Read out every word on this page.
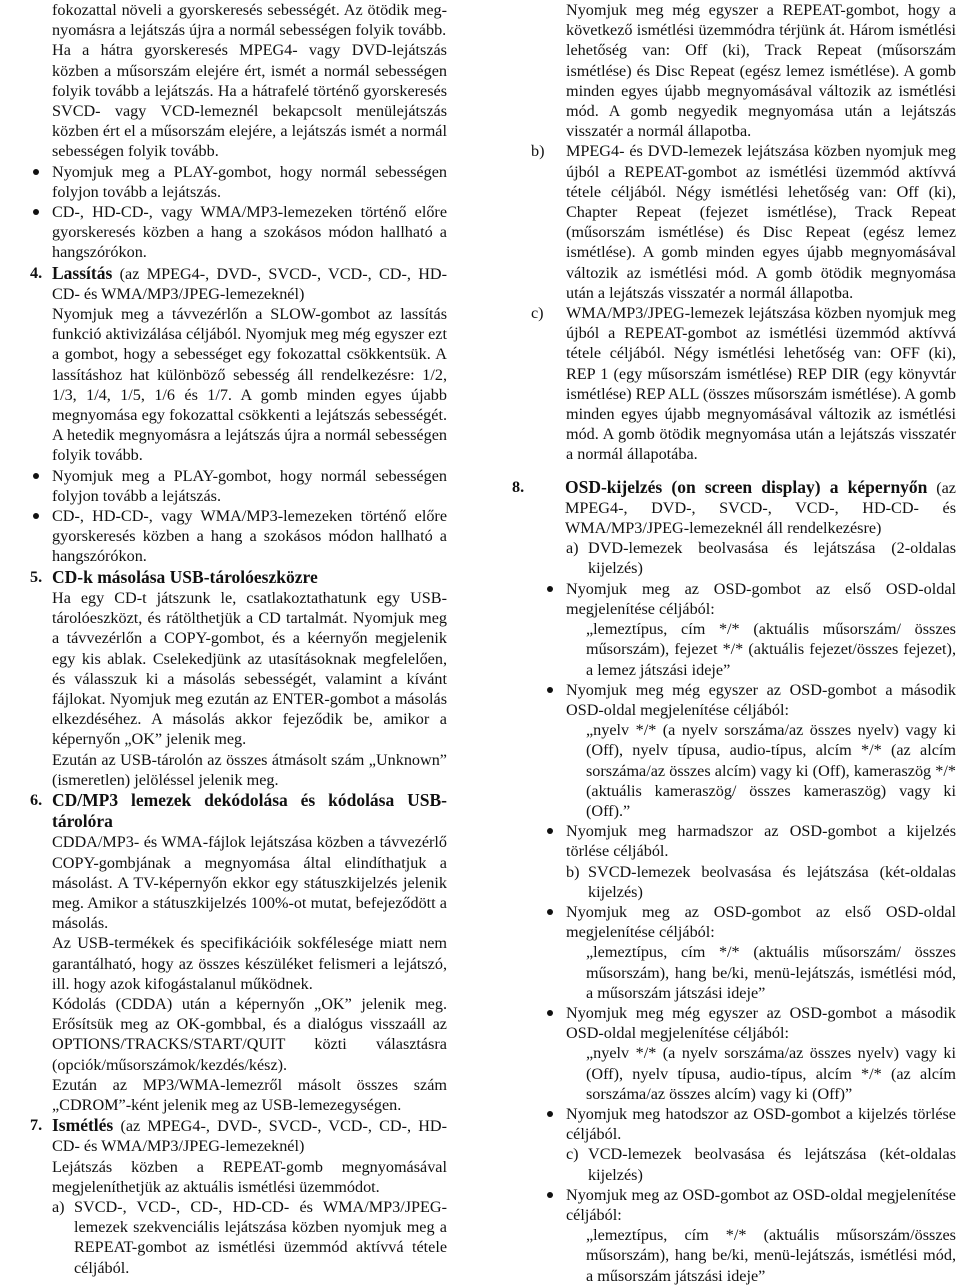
fokozattal növeli a gyorskeresés sebességét. Az ötödik meg-nyomásra a lejátszás újra a normál sebességen folyik tovább.

Ha a hátra gyorskeresés MPEG4- vagy DVD-lejátszás közben a műsorszám elejére ért, ismét a normál sebességen folyik tovább a lejátszás. Ha a hátrafelé történő gyorskeresés SVCD- vagy VCD-lemeznél bekapcsolt menülejátszás közben ért el a műsorszám elejére, a lejátszás ismét a normál sebességen folyik tovább.

Nyomjuk meg a PLAY-gombot, hogy normál sebességen folyjon tovább a lejátszás.

CD-, HD-CD-, vagy WMA/MP3-lemezeken történő előre gyorskeresés közben a hang a szokásos módon hallható a hangszórókon.

4. Lassítás (az MPEG4-, DVD-, SVCD-, VCD-, CD-, HD-CD- és WMA/MP3/JPEG-lemezeknél)

Nyomjuk meg a távvezérlőn a SLOW-gombot az lassítás funkció aktivizálása céljából. Nyomjuk meg még egyszer ezt a gombot, hogy a sebességet egy fokozattal csökkentsük. A lassításhoz hat különböző sebesség áll rendelkezésre: 1/2, 1/3, 1/4, 1/5, 1/6 és 1/7. A gomb minden egyes újabb megnyomása egy fokozattal csökkenti a lejátszás sebességét. A hetedik megnyomásra a lejátszás újra a normál sebességen folyik tovább.

Nyomjuk meg a PLAY-gombot, hogy normál sebességen folyjon tovább a lejátszás.

CD-, HD-CD-, vagy WMA/MP3-lemezeken történő előre gyorskeresés közben a hang a szokásos módon hallható a hangszórókon.

5. CD-k másolása USB-tárolóeszközre

Ha egy CD-t játszunk le, csatlakoztathatunk egy USB-tárolóeszközt, és rátölthetjük a CD tartalmát. Nyomjuk meg a távvezérlőn a COPY-gombot, és a kéernyőn megjelenik egy kis ablak. Cselekedjünk az utasításoknak megfelelően, és válasszuk ki a másolás sebességét, valamint a kívánt fájlokat. Nyomjuk meg ezután az ENTER-gombot a másolás elkezdéséhez. A másolás akkor fejeződik be, amikor a képernyőn „OK” jelenik meg.

Ezután az USB-tárolón az összes átmásolt szám „Unknown” (ismeretlen) jelöléssel jelenik meg.

6. CD/MP3 lemezek dekódolása és kódolása USB-tárolóra

CDDA/MP3- és WMA-fájlok lejátszása közben a távvezérlő COPY-gombjának a megnyomása által elindíthatjuk a másolást. A TV-képernyőn ekkor egy státuszkijelzés jelenik meg. Amikor a státuszkijelzés 100%-ot mutat, befejeződött a másolás.

Az USB-termékek és specifikációik sokfélesége miatt nem garantálható, hogy az összes készüléket felismeri a lejátszó, ill. hogy azok kifogástalanul működnek.

Kódolás (CDDA) után a képernyőn „OK” jelenik meg. Erősítsük meg az OK-gombbal, és a dialógus visszaáll az OPTIONS/TRACKS/START/QUIT közti választásra (opciók/műsorszámok/kezdés/kész).

Ezután az MP3/WMA-lemezről másolt összes szám „CDROM”-ként jelenik meg az USB-lemezegységen.

7. Ismétlés (az MPEG4-, DVD-, SVCD-, VCD-, CD-, HD-CD- és WMA/MP3/JPEG-lemezeknél)

Lejátszás közben a REPEAT-gomb megnyomásával megjeleníthetjük az aktuális ismétlési üzemmódot.

a) SVCD-, VCD-, CD-, HD-CD- és WMA/MP3/JPEG-lemezek szekvenciális lejátszása közben nyomjuk meg a REPEAT-gombot az ismétlési üzemmód aktívvá tétele céljából.

Nyomjuk meg még egyszer a REPEAT-gombot, hogy a következő ismétlési üzemmódra térjünk át. Három ismétlési lehetőség van: Off (ki), Track Repeat (műsorszám ismétlése) és Disc Repeat (egész lemez ismétlése). A gomb minden egyes újabb megnyomásával változik az ismétlési mód. A gomb negyedik megnyomása után a lejátszás visszatér a normál állapotba.

b) MPEG4- és DVD-lemezek lejátszása közben nyomjuk meg újból a REPEAT-gombot az ismétlési üzemmód aktívvá tétele céljából. Négy ismétlési lehetőség van: Off (ki), Chapter Repeat (fejezet ismétlése), Track Repeat (műsorszám ismétlése) és Disc Repeat (egész lemez ismétlése). A gomb minden egyes újabb megnyomásával változik az ismétlési mód. A gomb ötödik megnyomása után a lejátszás visszatér a normál állapotba.

c) WMA/MP3/JPEG-lemezek lejátszása közben nyomjuk meg újból a REPEAT-gombot az ismétlési üzemmód aktívvá tétele céljából. Négy ismétlési lehetőség van: OFF (ki), REP 1 (egy műsorszám ismétlése) REP DIR (egy könyvtár ismétlése) REP ALL (összes műsorszám ismétlése). A gomb minden egyes újabb megnyomásával változik az ismétlési mód. A gomb ötödik megnyomása után a lejátszás visszatér a normál állapotába.

8.	OSD-kijelzés (on screen display) a képernyőn (az MPEG4-, DVD-, SVCD-, VCD-, HD-CD- és WMA/MP3/JPEG-lemezeknél áll rendelkezésre)

a) DVD-lemezek beolvasása és lejátszása (2-oldalas kijelzés)

Nyomjuk meg az OSD-gombot az első OSD-oldal megjelenítése céljából:

„lemeztípus, cím */* (aktuális műsorszám/ összes műsorszám), fejezet */* (aktuális fejezet/összes fejezet), a lemez játszási ideje”

Nyomjuk meg még egyszer az OSD-gombot a második OSD-oldal megjelenítése céljából:

„nyelv */* (a nyelv sorszáma/az összes nyelv) vagy ki (Off), nyelv típusa, audio-típus, alcím */* (az alcím sorszáma/az összes alcím) vagy ki (Off), kameraszög */* (aktuális kameraszög/ összes kameraszög) vagy ki (Off).”

Nyomjuk meg harmadszor az OSD-gombot a kijelzés törlése céljából.

b) SVCD-lemezek beolvasása és lejátszása (két-oldalas kijelzés)

Nyomjuk meg az OSD-gombot az első OSD-oldal megjelenítése céljából:

„lemeztípus, cím */* (aktuális műsorszám/ összes műsorszám), hang be/ki, menü-lejátszás, ismétlési mód, a műsorszám játszási ideje”

Nyomjuk meg még egyszer az OSD-gombot a második OSD-oldal megjelenítése céljából:

„nyelv */* (a nyelv sorszáma/az összes nyelv) vagy ki (Off), nyelv típusa, audio-típus, alcím */* (az alcím sorszáma/az összes alcím) vagy ki (Off)”

Nyomjuk meg hatodszor az OSD-gombot a kijelzés törlése céljából.

c) VCD-lemezek beolvasása és lejátszása (két-oldalas kijelzés)

Nyomjuk meg az OSD-gombot az OSD-oldal megjelenítése céljából:

„lemeztípus, cím */* (aktuális műsorszám/összes műsorszám), hang be/ki, menü-lejátszás, ismétlési mód, a műsorszám játszási ideje”
